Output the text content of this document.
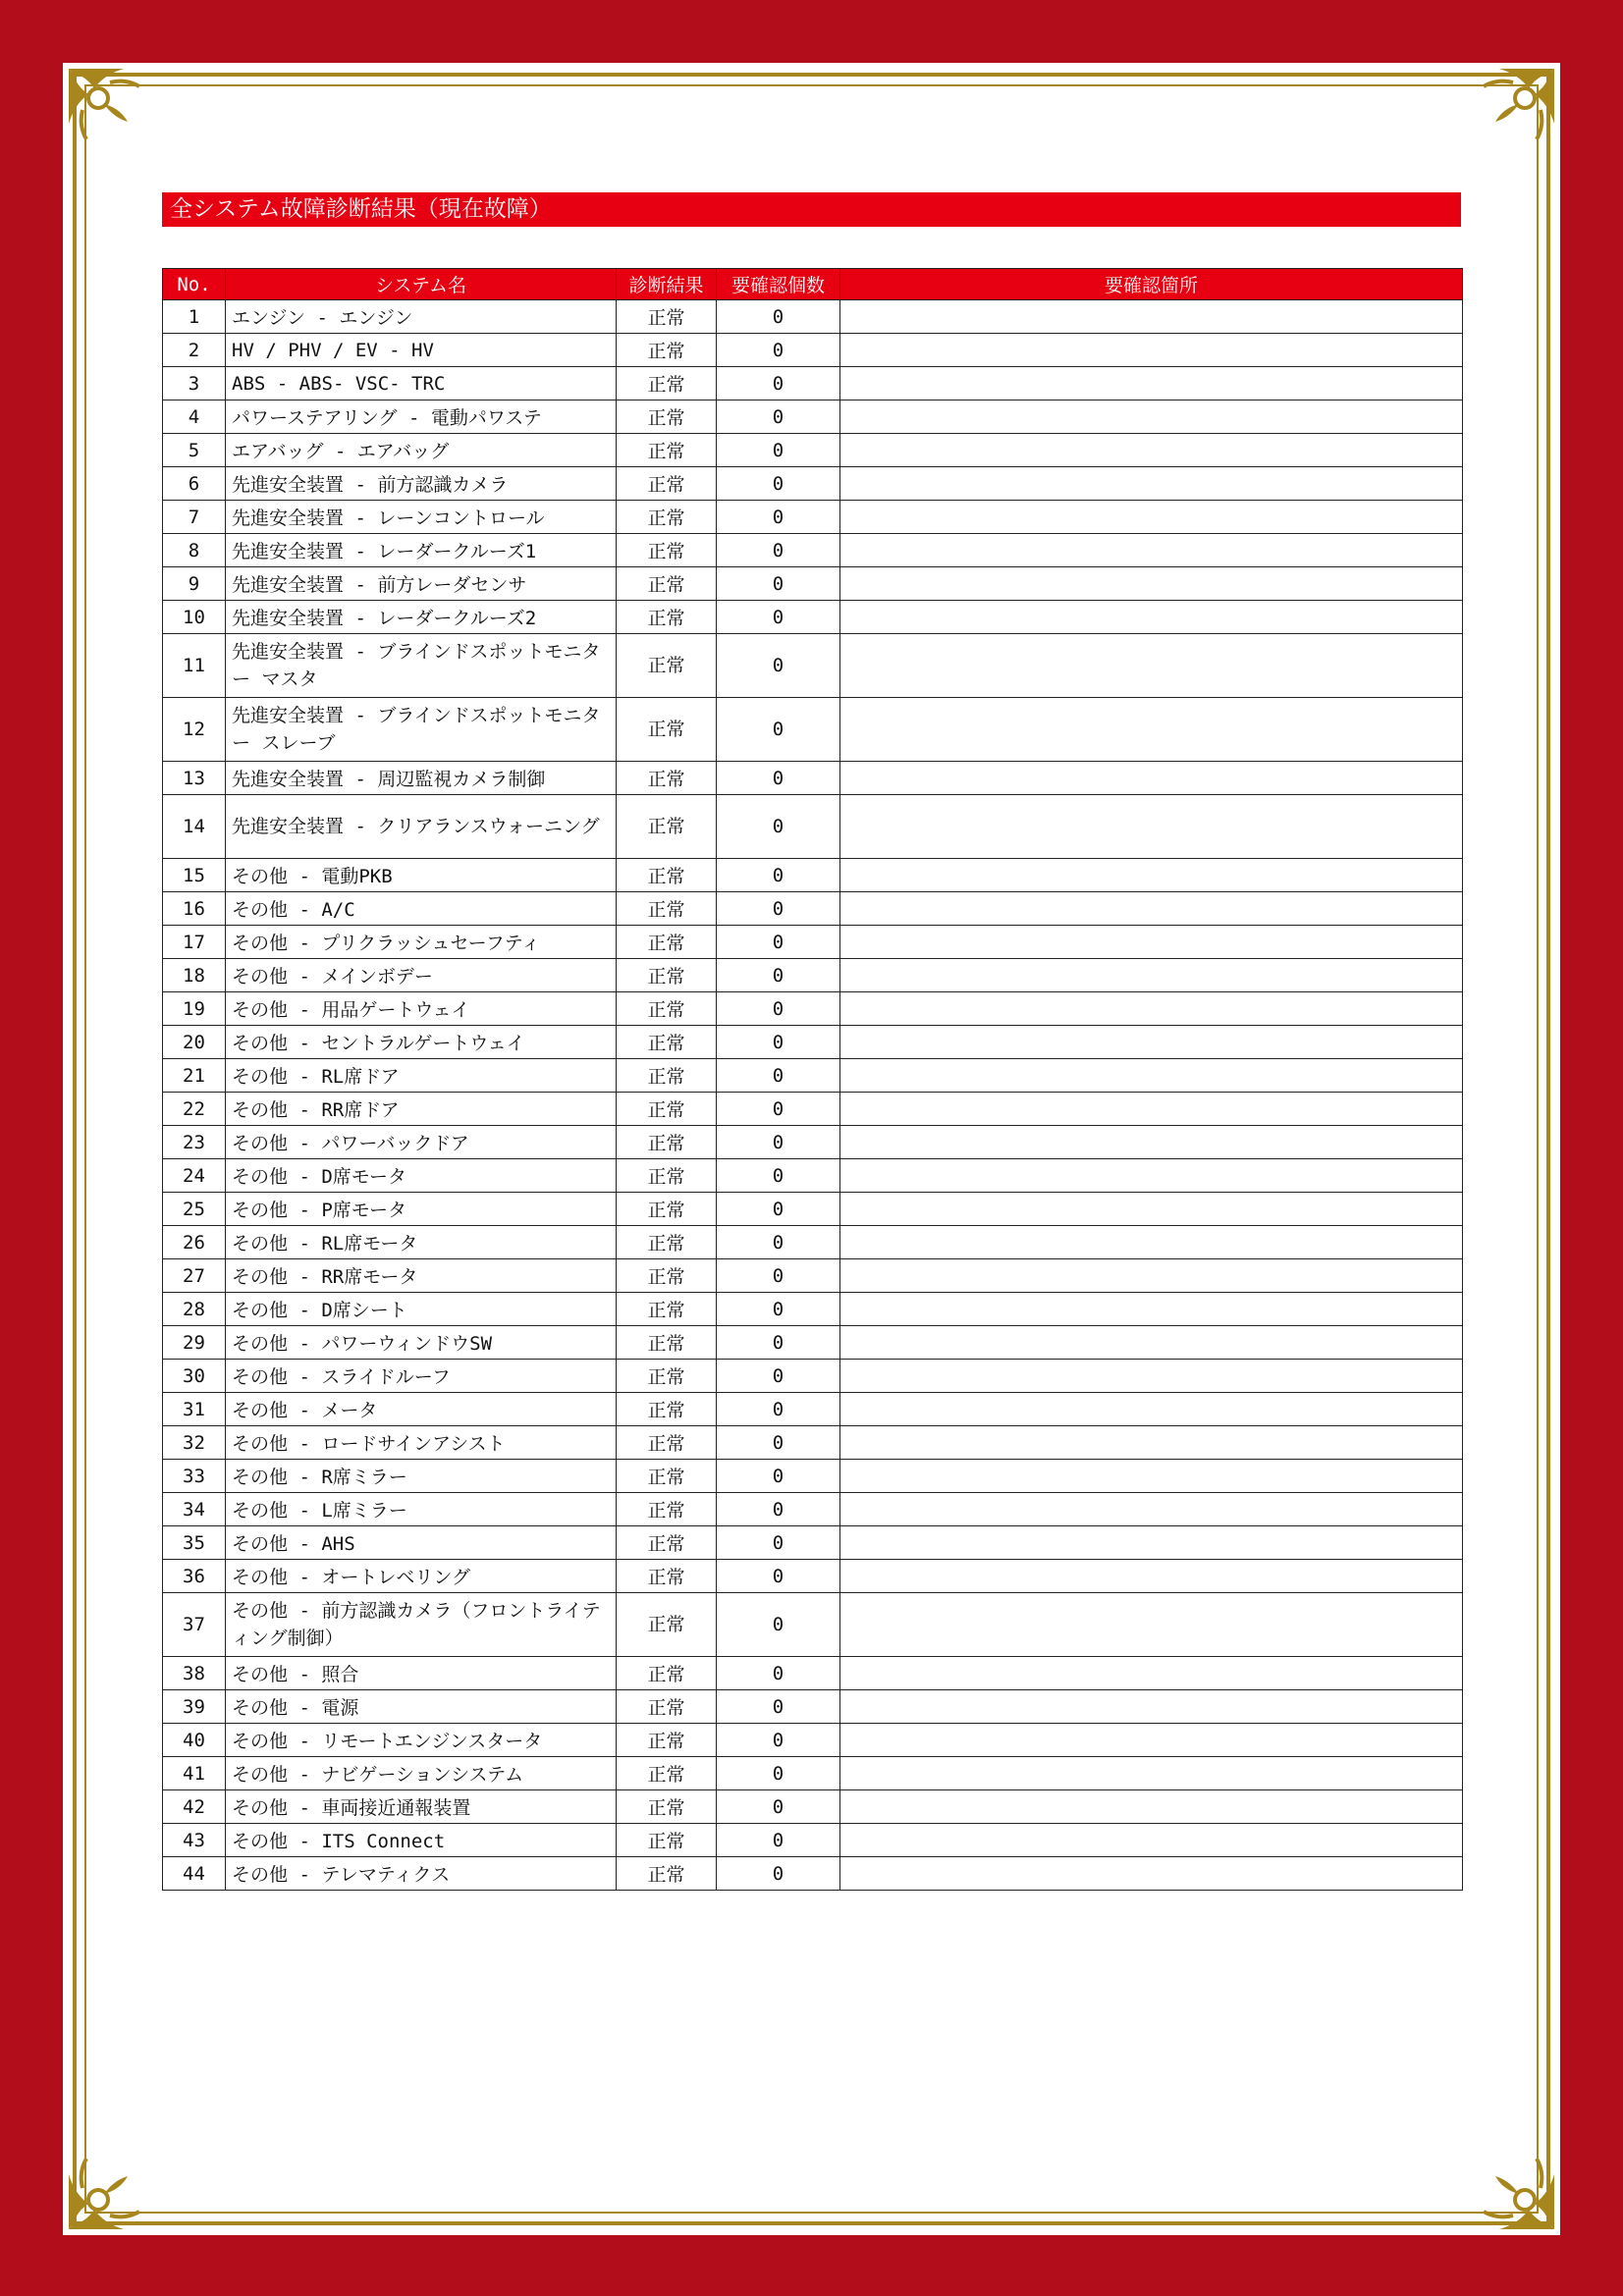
全システム故障診断結果（現在故障）
No.	システム名	診断結果	要確認個数	要確認箇所
1	エンジン - エンジン	正常	0	
2	HV / PHV / EV - HV	正常	0	
3	ABS - ABS- VSC- TRC	正常	0	
4	パワーステアリング - 電動パワステ	正常	0	
5	エアバッグ - エアバッグ	正常	0	
6	先進安全装置 - 前方認識カメラ	正常	0	
7	先進安全装置 - レーンコントロール	正常	0	
8	先進安全装置 - レーダークルーズ1	正常	0	
9	先進安全装置 - 前方レーダセンサ	正常	0	
10	先進安全装置 - レーダークルーズ2	正常	0	
11	先進安全装置 - ブラインドスポットモニター マスタ	正常	0	
12	先進安全装置 - ブラインドスポットモニター スレーブ	正常	0	
13	先進安全装置 - 周辺監視カメラ制御	正常	0	
14	先進安全装置 - クリアランスウォーニング	正常	0	
15	その他 - 電動PKB	正常	0	
16	その他 - A/C	正常	0	
17	その他 - プリクラッシュセーフティ	正常	0	
18	その他 - メインボデー	正常	0	
19	その他 - 用品ゲートウェイ	正常	0	
20	その他 - セントラルゲートウェイ	正常	0	
21	その他 - RL席ドア	正常	0	
22	その他 - RR席ドア	正常	0	
23	その他 - パワーバックドア	正常	0	
24	その他 - D席モータ	正常	0	
25	その他 - P席モータ	正常	0	
26	その他 - RL席モータ	正常	0	
27	その他 - RR席モータ	正常	0	
28	その他 - D席シート	正常	0	
29	その他 - パワーウィンドウSW	正常	0	
30	その他 - スライドルーフ	正常	0	
31	その他 - メータ	正常	0	
32	その他 - ロードサインアシスト	正常	0	
33	その他 - R席ミラー	正常	0	
34	その他 - L席ミラー	正常	0	
35	その他 - AHS	正常	0	
36	その他 - オートレベリング	正常	0	
37	その他 - 前方認識カメラ（フロントライティング制御）	正常	0	
38	その他 - 照合	正常	0	
39	その他 - 電源	正常	0	
40	その他 - リモートエンジンスタータ	正常	0	
41	その他 - ナビゲーションシステム	正常	0	
42	その他 - 車両接近通報装置	正常	0	
43	その他 - ITS Connect	正常	0	
44	その他 - テレマティクス	正常	0	
